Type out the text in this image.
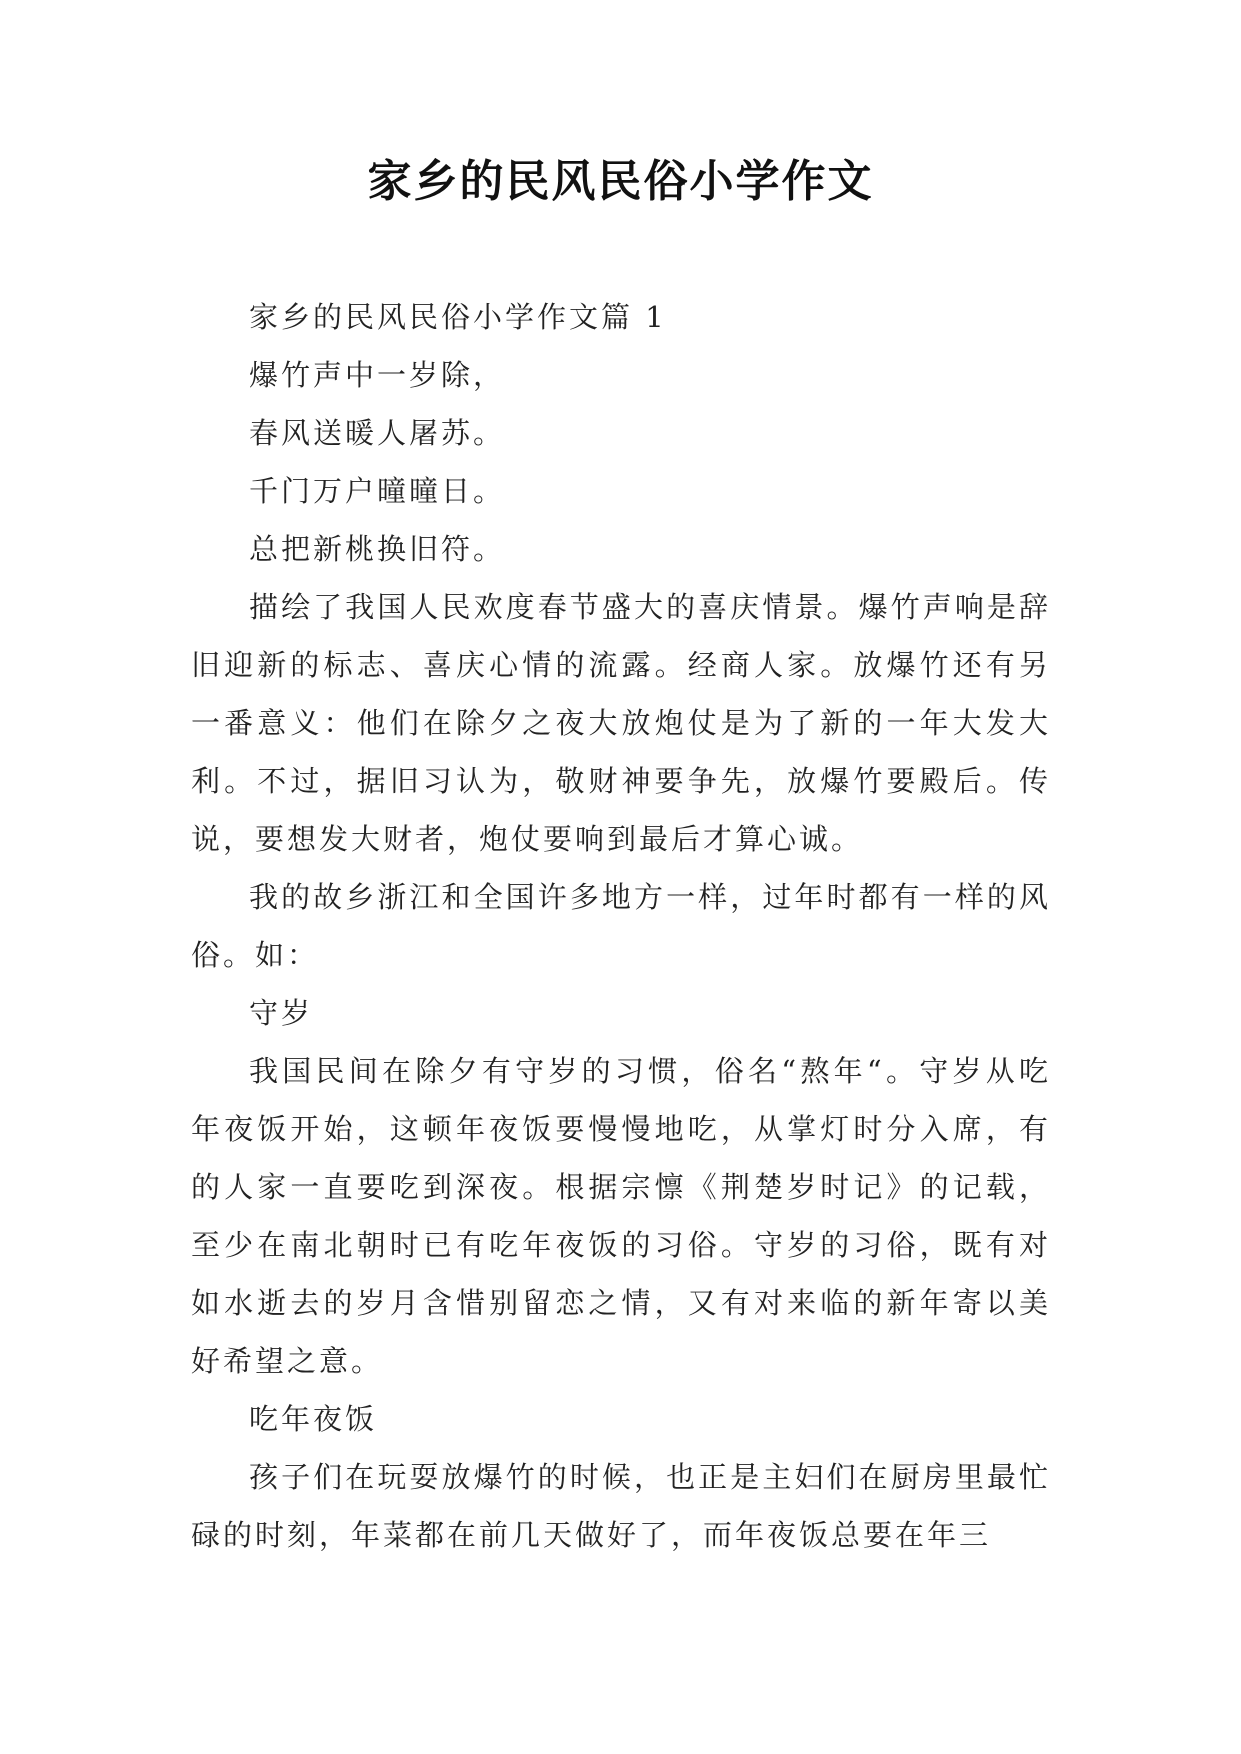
家乡的民风民俗小学作文

家乡的民风民俗小学作文篇 1

爆竹声中一岁除，

春风送暖人屠苏。

千门万户曈曈日。

总把新桃换旧符。

描绘了我国人民欢度春节盛大的喜庆情景。爆竹声响是辞旧迎新的标志、喜庆心情的流露。经商人家。放爆竹还有另一番意义：他们在除夕之夜大放炮仗是为了新的一年大发大利。不过，据旧习认为，敬财神要争先，放爆竹要殿后。传说，要想发大财者，炮仗要响到最后才算心诚。

我的故乡浙江和全国许多地方一样，过年时都有一样的风俗。如：

守岁

我国民间在除夕有守岁的习惯，俗名“熬年“。守岁从吃年夜饭开始，这顿年夜饭要慢慢地吃，从掌灯时分入席，有的人家一直要吃到深夜。根据宗懔《荆楚岁时记》的记载，至少在南北朝时已有吃年夜饭的习俗。守岁的习俗，既有对如水逝去的岁月含惜别留恋之情，又有对来临的新年寄以美好希望之意。

吃年夜饭

孩子们在玩耍放爆竹的时候，也正是主妇们在厨房里最忙碌的时刻，年菜都在前几天做好了，而年夜饭总要在年三
